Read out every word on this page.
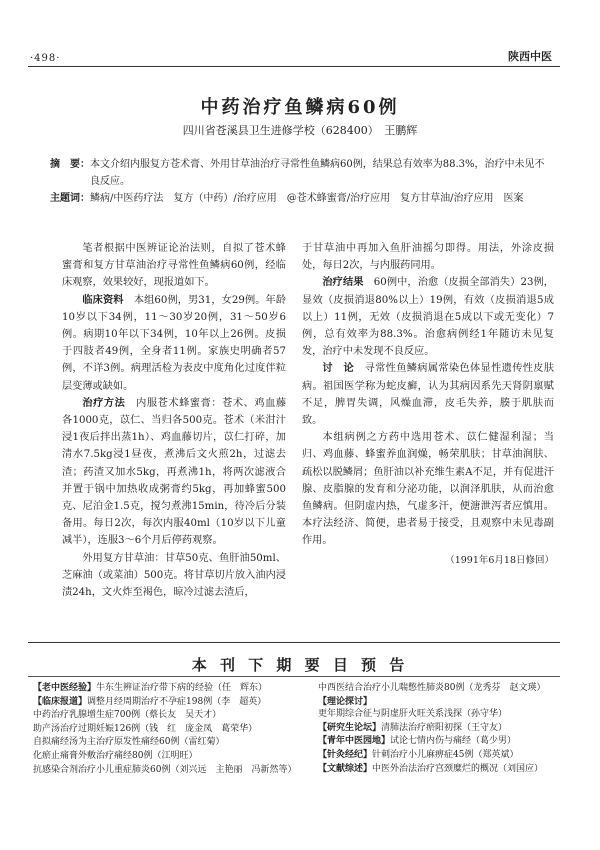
·498·	陕西中医
中药治疗鱼鳞病60例
四川省苍溪县卫生进修学校（628400）　王鹏辉
摘　要： 本文介绍内服复方苍术膏、外用甘草油治疗寻常性鱼鳞病60例，结果总有效率为88.3%，治疗中未见不良反应。
主题词： 鳞病/中医药疗法　复方（中药）/治疗应用　@苍术蜂蜜膏/治疗应用　复方甘草油/治疗应用　医案

笔者根据中医辨证论治法则，自拟了苍术蜂蜜膏和复方甘草油治疗寻常性鱼鳞病60例，经临床观察，效果较好，现报道如下。

临床资料　 本组60例，男31，女29例。年龄10岁以下34例，11～30岁20例，31～50岁6例。病期10年以下34例，10年以上26例。皮损于四肢者49例，全身者11例。家族史明确者57例，不详3例。病理活检为表皮中度角化过度伴粒层变薄或缺如。

治疗方法　 内服苍术蜂蜜膏：苍术、鸡血藤各1000克，苡仁、当归各500克。苍术（米泔汁浸1夜后拌出蒸1h）、鸡血藤切片，苡仁打碎，加清水7.5kg浸1昼夜，煮沸后文火煎2h，过滤去渣；药渣又加水5kg，再煮沸1h，将两次滤液合并置于锅中加热收成粥膏约5kg，再加蜂蜜500克、尼泊金1.5克，搅匀煮沸15min，待冷后分装备用。每日2次，每次内服40ml（10岁以下儿童减半），连服3～6个月后停药观察。

外用复方甘草油：甘草50克、鱼肝油50ml、芝麻油（或菜油）500克。将甘草切片放入油内浸渍24h，文火炸至褐色，晾冷过滤去渣后，

于甘草油中再加入鱼肝油摇匀即得。用法，外涂皮损处，每日2次，与内服药同用。

治疗结果　 60例中，治愈（皮损全部消失）23例，显效（皮损消退80%以上）19例，有效（皮损消退5成以上）11例，无效（皮损消退在5成以下或无变化）7例，总有效率为88.3%。治愈病例经1年随访未见复发，治疗中未发现不良反应。

讨　论　 寻常性鱼鳞病属常染色体显性遗传性皮肤病。祖国医学称为蛇皮癣，认为其病因系先天肾阴禀赋不足，脾胃失调，风燥血滞，皮毛失养，腠于肌肤而致。

本组病例之方药中选用苍术、苡仁健湿利湿；当归、鸡血藤、蜂蜜养血润燥，畅荣肌肤；甘草油润肤、疏松以脱鳞屑；鱼肝油以补充维生素A不足，并有促进汗腺、皮脂腺的发育和分泌功能，以润泽肌肤，从而治愈鱼鳞病。但阴虚内热，气虚多汗，便溏泄泻者应慎用。本疗法经济、简便，患者易于接受，且观察中未见毒副作用。

（1991年6月18日修回）
本 刊 下 期 要 目 预 告
【老中医经验】牛东生辨证治疗带下病的经验（任　辉东）
【临床报道】调整月经周期治疗不孕症198例（李　超英）
中药治疗乳腺增生症700例（蔡长友　吴天才）
助产汤治疗过期妊娠126例（钱　红　庞金凤　葛荣华）
自拟痛经汤为主治疗原发性痛经60例（雷红菊）
化瘀止痛膏外敷治疗痛经80例（江明旺）
抗感染合剂治疗小儿重症肺炎60例（刘兴远　主艳丽　冯新然等）
中西医结合治疗小儿喘憋性肺炎80例（龙秀芬　赵文瑛）
【理论探讨】更年期综合征与阴虚肝火旺关系浅探（孙守华）
【研究生论坛】清肺法治疗瘀阳初探（王守友）
【青年中医园地】试论七情内伤与痛经（葛少男）
【针灸经纪】针刺治疗小儿麻痹症45例（郑英斌）
【文献综述】中医外治法治疗宫颈糜烂的概况（刘国应）
